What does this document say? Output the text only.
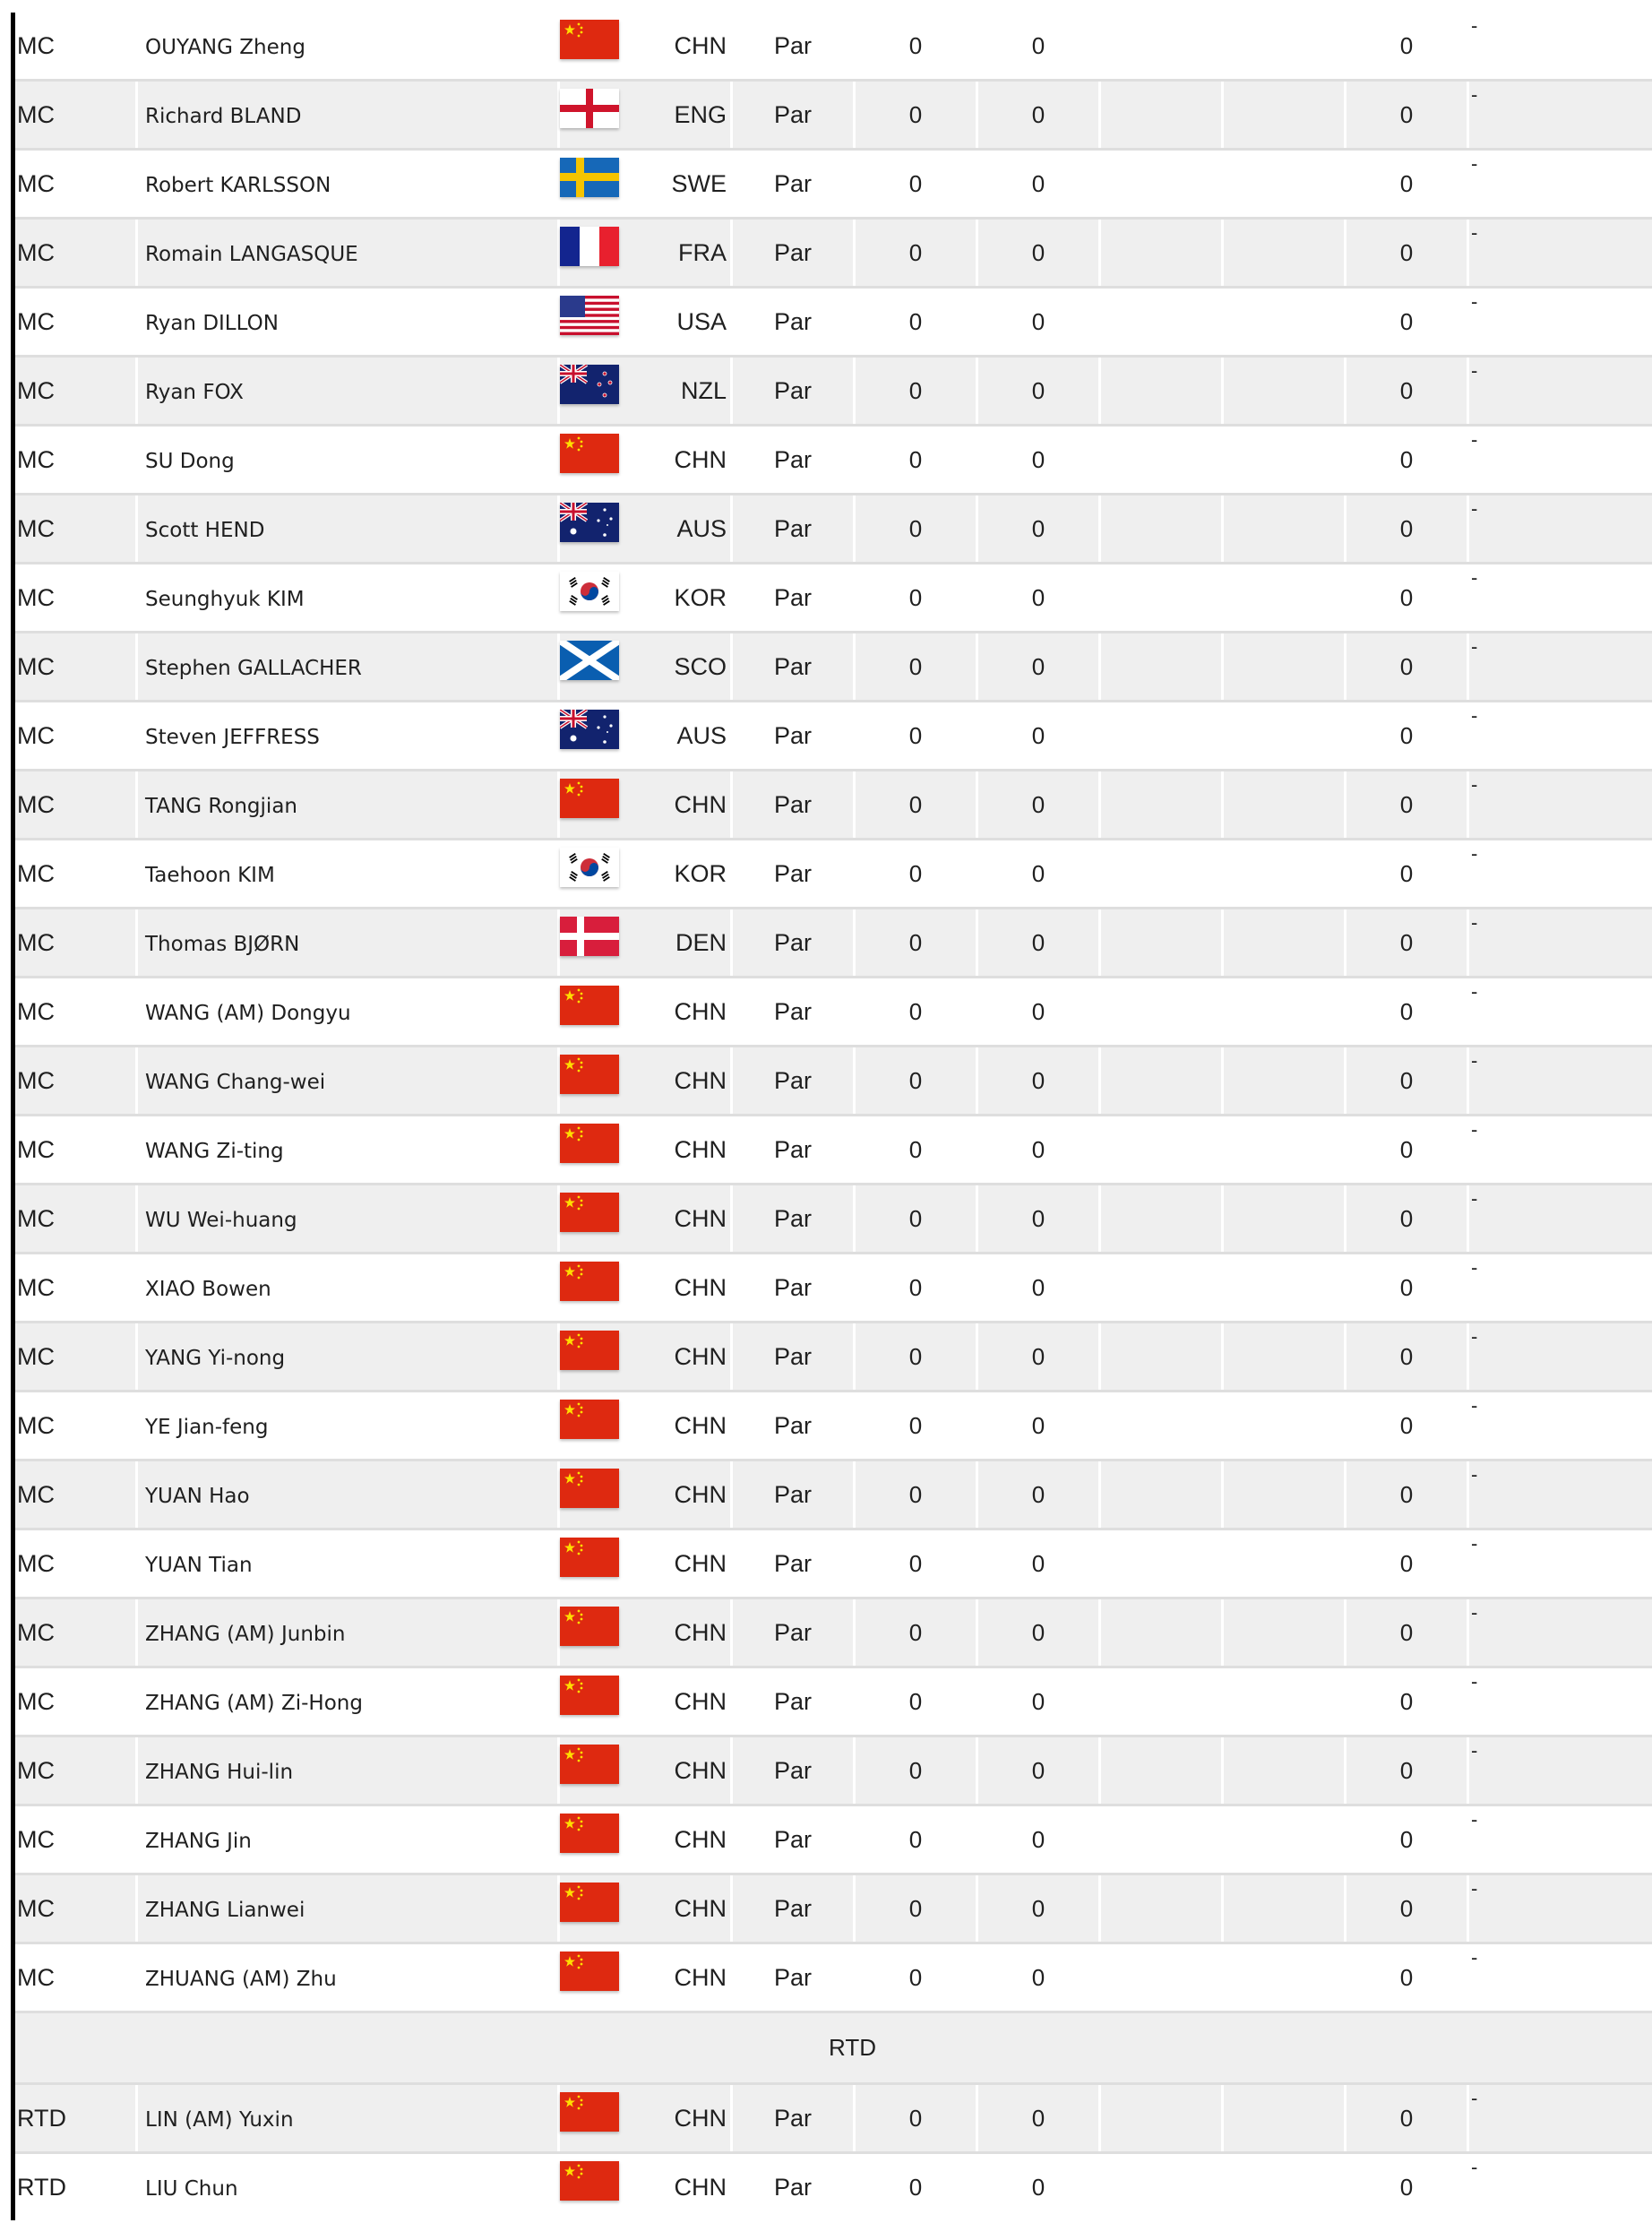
MC	OUYANG Zheng	CHN	Par	0	0	0
-
MC	Richard BLAND	ENG	Par	0	0	0
-
MC	Robert KARLSSON	SWE	Par	0	0	0
-
MC	Romain LANGASQUE	FRA	Par	0	0	0
-
MC	Ryan DILLON	USA	Par	0	0	0
-
MC	Ryan FOX	NZL	Par	0	0	0
-
MC	SU Dong	CHN	Par	0	0	0
-
MC	Scott HEND	AUS	Par	0	0	0
-
MC	Seunghyuk KIM	KOR	Par	0	0	0
-
MC	Stephen GALLACHER	SCO	Par	0	0	0
-
MC	Steven JEFFRESS	AUS	Par	0	0	0
-
MC	TANG Rongjian	CHN	Par	0	0	0
-
MC	Taehoon KIM	KOR	Par	0	0	0
-
MC	Thomas BJØRN	DEN	Par	0	0	0
-
MC	WANG (AM) Dongyu	CHN	Par	0	0	0
-
MC	WANG Chang-wei	CHN	Par	0	0	0
-
MC	WANG Zi-ting	CHN	Par	0	0	0
-
MC	WU Wei-huang	CHN	Par	0	0	0
-
MC	XIAO Bowen	CHN	Par	0	0	0
-
MC	YANG Yi-nong	CHN	Par	0	0	0
-
MC	YE Jian-feng	CHN	Par	0	0	0
-
MC	YUAN Hao	CHN	Par	0	0	0
-
MC	YUAN Tian	CHN	Par	0	0	0
-
MC	ZHANG (AM) Junbin	CHN	Par	0	0	0
-
MC	ZHANG (AM) Zi-Hong	CHN	Par	0	0	0
-
MC	ZHANG Hui-lin	CHN	Par	0	0	0
-
MC	ZHANG Jin	CHN	Par	0	0	0
-
MC	ZHANG Lianwei	CHN	Par	0	0	0
-
MC	ZHUANG (AM) Zhu	CHN	Par	0	0	0
-
RTD
RTD	LIN (AM) Yuxin	CHN	Par	0	0	0
-
RTD	LIU Chun	CHN	Par	0	0	0
-
